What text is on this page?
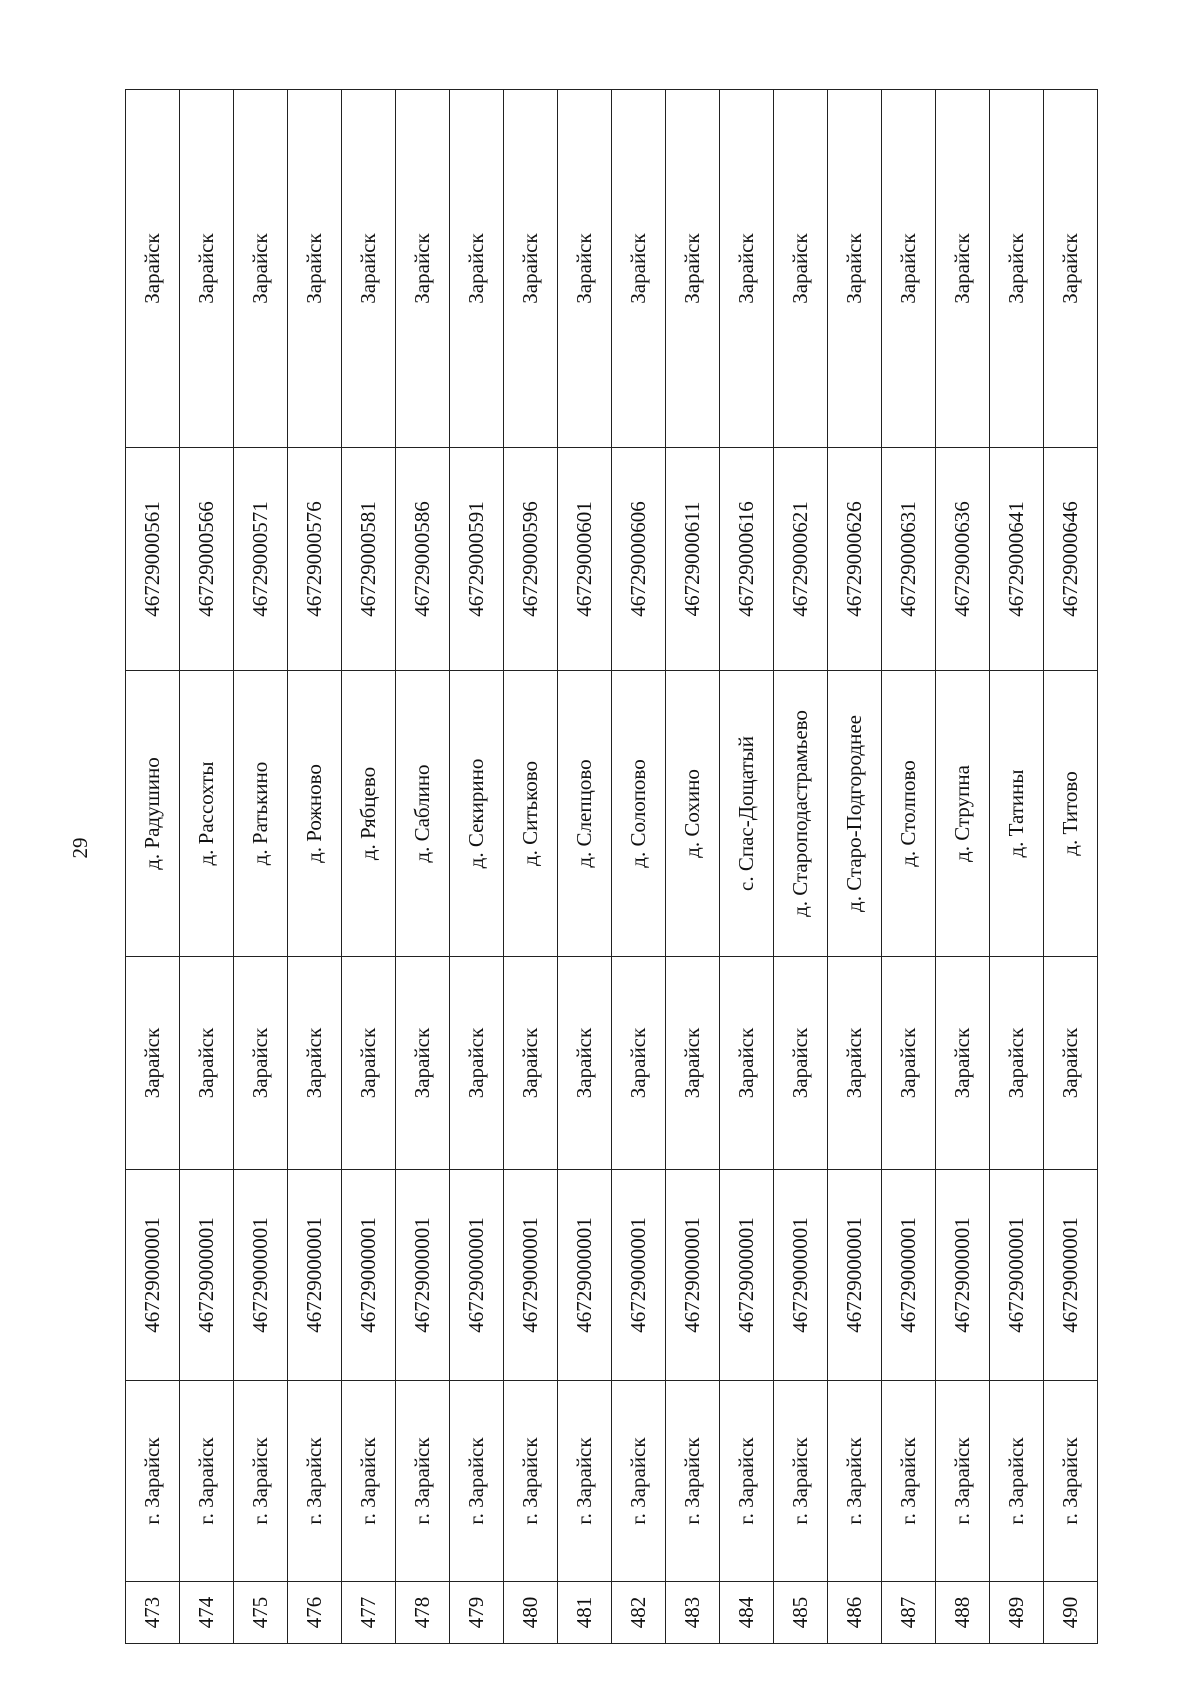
29
473	г. Зарайск	46729000001	Зарайск	д. Радушино	46729000561	Зарайск
474	г. Зарайск	46729000001	Зарайск	д. Рассохты	46729000566	Зарайск
475	г. Зарайск	46729000001	Зарайск	д. Ратькино	46729000571	Зарайск
476	г. Зарайск	46729000001	Зарайск	д. Рожново	46729000576	Зарайск
477	г. Зарайск	46729000001	Зарайск	д. Рябцево	46729000581	Зарайск
478	г. Зарайск	46729000001	Зарайск	д. Саблино	46729000586	Зарайск
479	г. Зарайск	46729000001	Зарайск	д. Секирино	46729000591	Зарайск
480	г. Зарайск	46729000001	Зарайск	д. Ситьково	46729000596	Зарайск
481	г. Зарайск	46729000001	Зарайск	д. Слепцово	46729000601	Зарайск
482	г. Зарайск	46729000001	Зарайск	д. Солопово	46729000606	Зарайск
483	г. Зарайск	46729000001	Зарайск	д. Сохино	46729000611	Зарайск
484	г. Зарайск	46729000001	Зарайск	с. Спас-Дощатый	46729000616	Зарайск
485	г. Зарайск	46729000001	Зарайск	д. Староподастрамьево	46729000621	Зарайск
486	г. Зарайск	46729000001	Зарайск	д. Старо-Подгороднее	46729000626	Зарайск
487	г. Зарайск	46729000001	Зарайск	д. Столпово	46729000631	Зарайск
488	г. Зарайск	46729000001	Зарайск	д. Струпна	46729000636	Зарайск
489	г. Зарайск	46729000001	Зарайск	д. Татины	46729000641	Зарайск
490	г. Зарайск	46729000001	Зарайск	д. Титово	46729000646	Зарайск
